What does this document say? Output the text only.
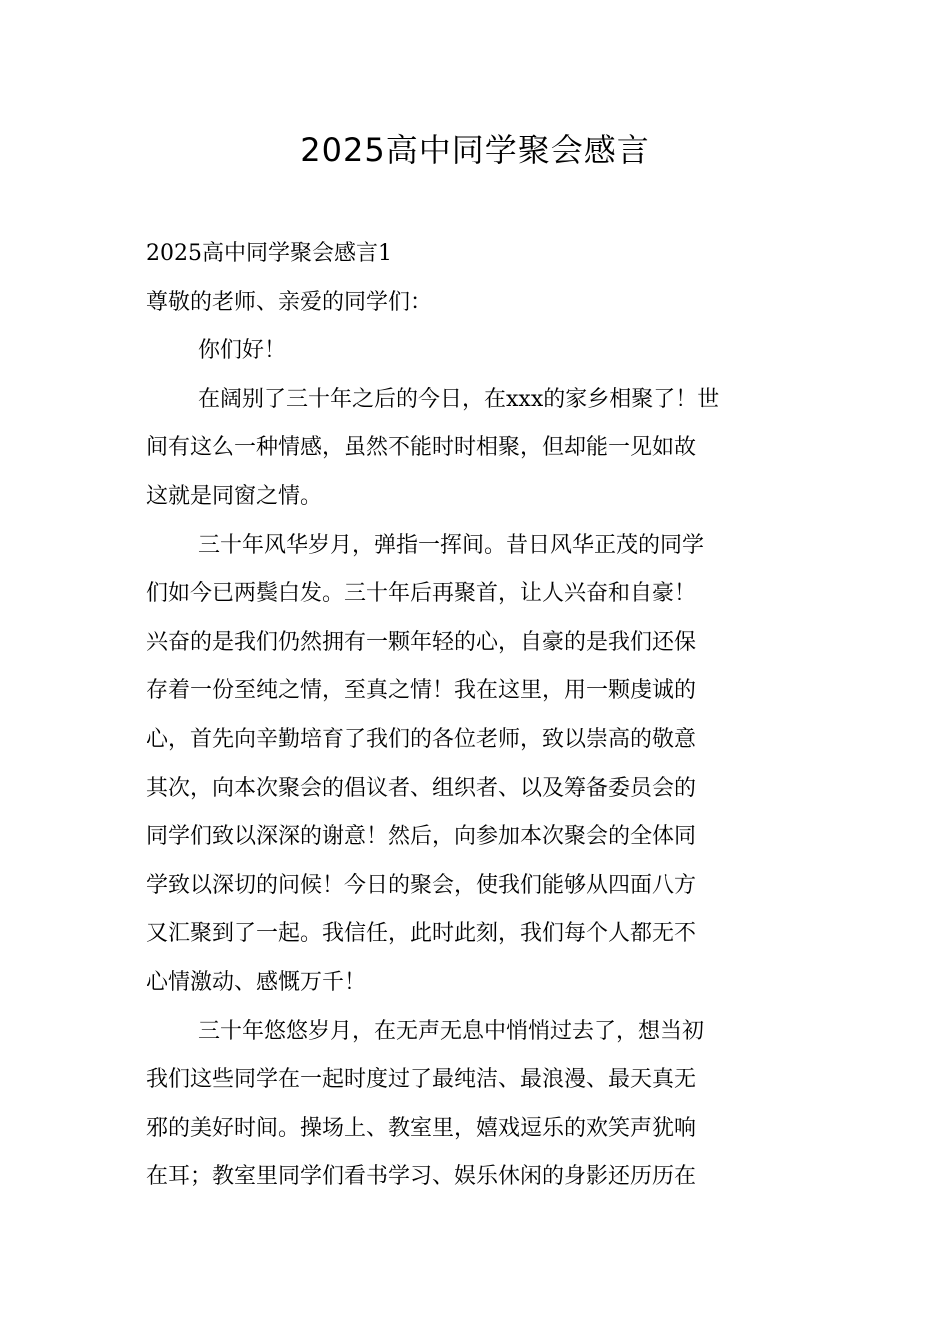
2025高中同学聚会感言

2025高中同学聚会感言1

尊敬的老师、亲爱的同学们：

你们好！

在阔别了三十年之后的今日，在xxx的家乡相聚了！世

间有这么一种情感，虽然不能时时相聚，但却能一见如故

这就是同窗之情。

三十年风华岁月，弹指一挥间。昔日风华正茂的同学

们如今已两鬓白发。三十年后再聚首，让人兴奋和自豪！

兴奋的是我们仍然拥有一颗年轻的心，自豪的是我们还保

存着一份至纯之情，至真之情！我在这里，用一颗虔诚的

心，首先向辛勤培育了我们的各位老师，致以崇高的敬意

其次，向本次聚会的倡议者、组织者、以及筹备委员会的

同学们致以深深的谢意！然后，向参加本次聚会的全体同

学致以深切的问候！今日的聚会，使我们能够从四面八方

又汇聚到了一起。我信任，此时此刻，我们每个人都无不

心情激动、感慨万千！

三十年悠悠岁月，在无声无息中悄悄过去了，想当初

我们这些同学在一起时度过了最纯洁、最浪漫、最天真无

邪的美好时间。操场上、教室里，嬉戏逗乐的欢笑声犹响

在耳；教室里同学们看书学习、娱乐休闲的身影还历历在
